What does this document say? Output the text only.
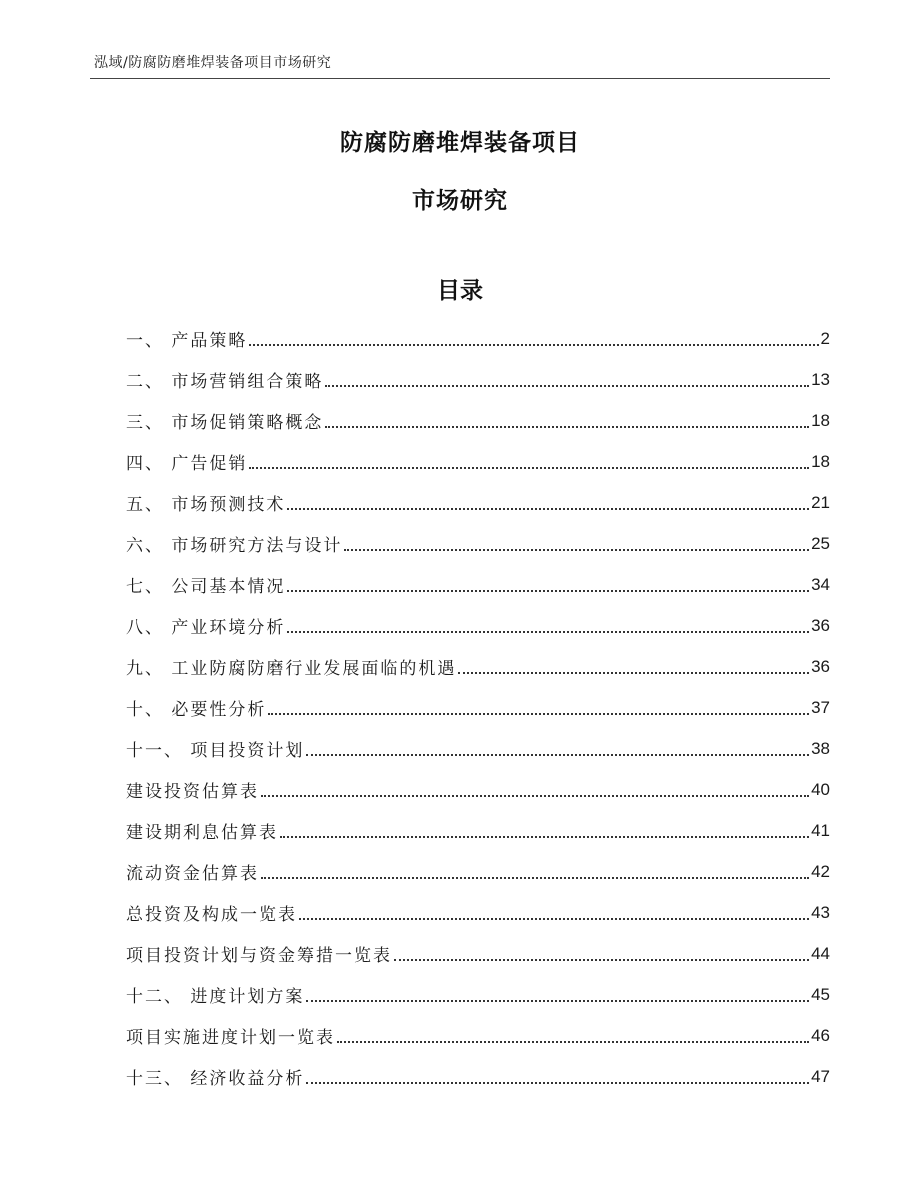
泓域/防腐防磨堆焊装备项目市场研究
防腐防磨堆焊装备项目
市场研究
目录
一、 产品策略	2
二、 市场营销组合策略	13
三、 市场促销策略概念	18
四、 广告促销	18
五、 市场预测技术	21
六、 市场研究方法与设计	25
七、 公司基本情况	34
八、 产业环境分析	36
九、 工业防腐防磨行业发展面临的机遇	36
十、 必要性分析	37
十一、 项目投资计划	38
建设投资估算表	40
建设期利息估算表	41
流动资金估算表	42
总投资及构成一览表	43
项目投资计划与资金筹措一览表	44
十二、 进度计划方案	45
项目实施进度计划一览表	46
十三、 经济收益分析	47
